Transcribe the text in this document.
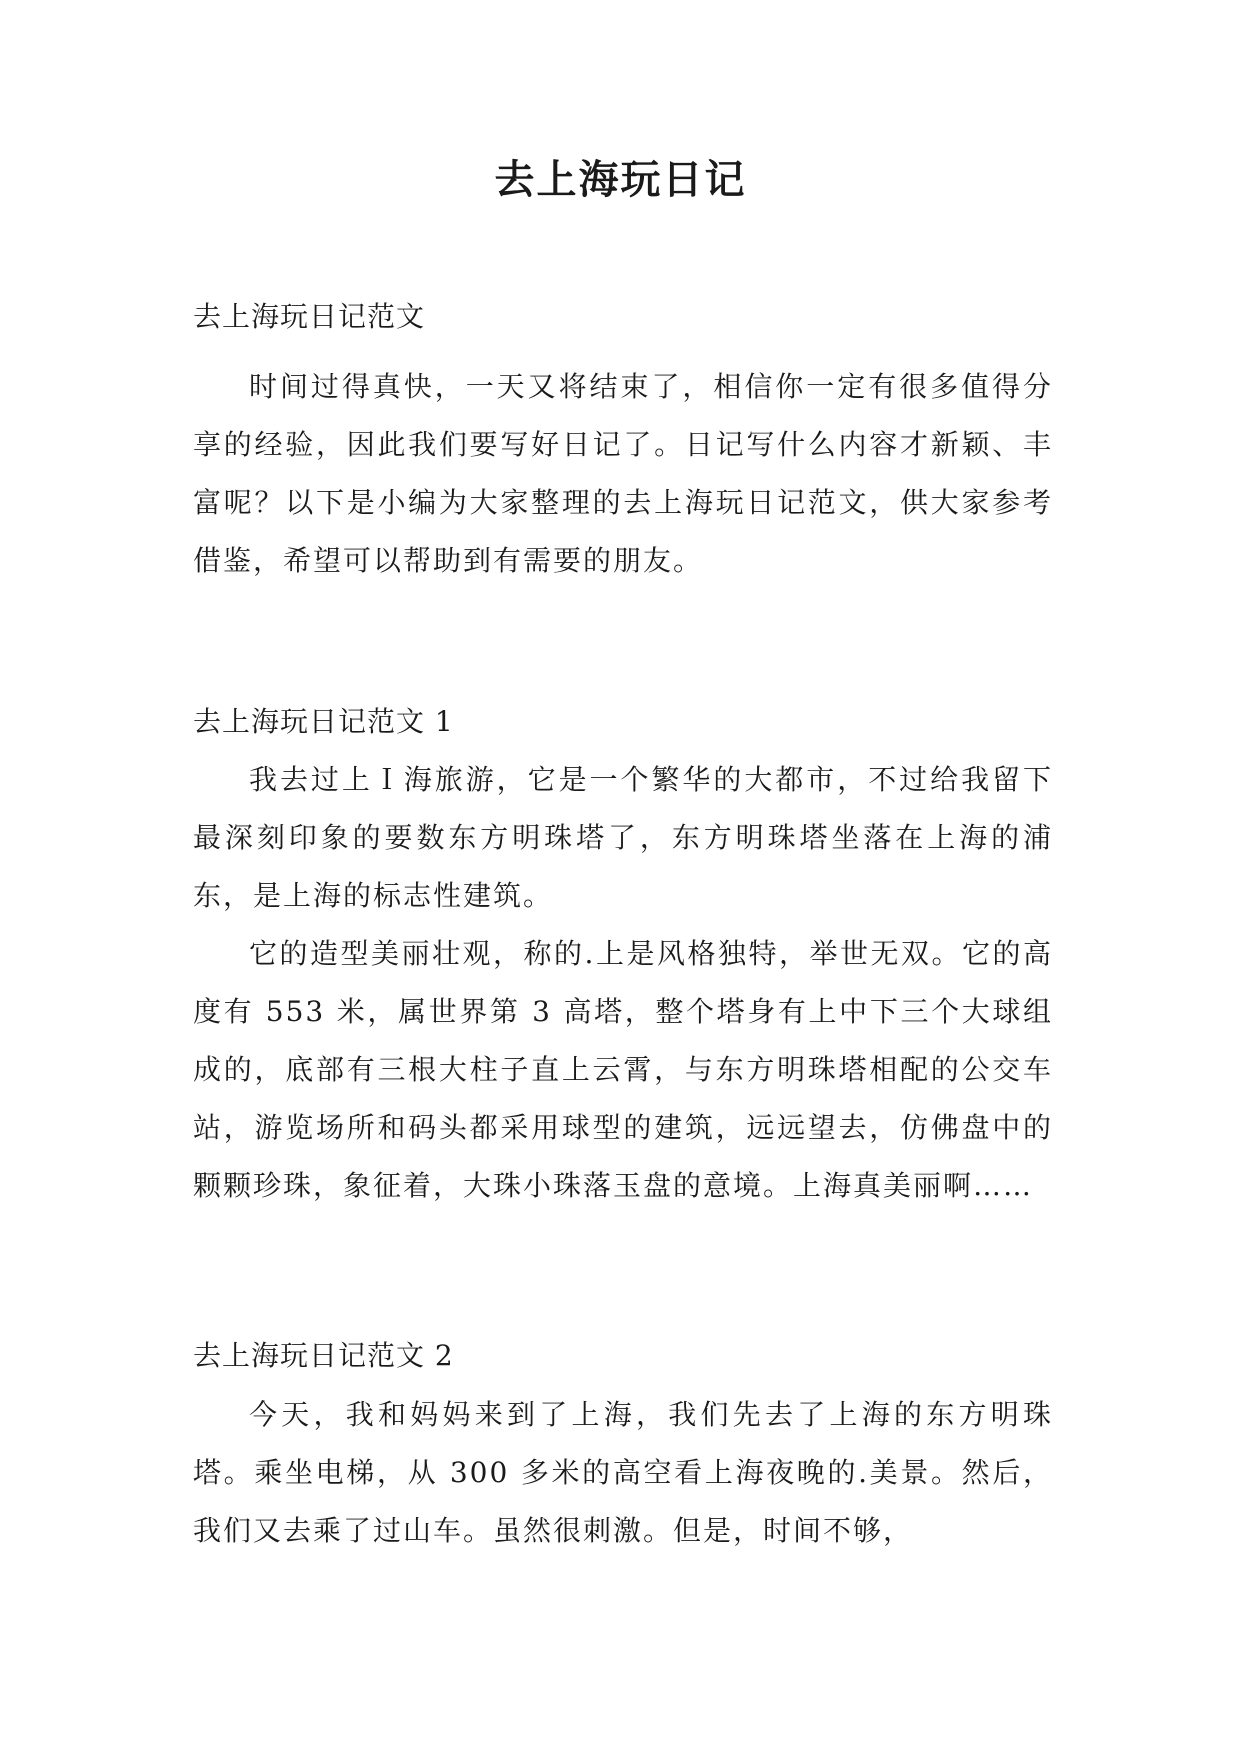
去上海玩日记
去上海玩日记范文

时间过得真快，一天又将结束了，相信你一定有很多值得分享的经验，因此我们要写好日记了。日记写什么内容才新颖、丰富呢？以下是小编为大家整理的去上海玩日记范文，供大家参考借鉴，希望可以帮助到有需要的朋友。

去上海玩日记范文 1

我去过上Ｉ海旅游，它是一个繁华的大都市，不过给我留下最深刻印象的要数东方明珠塔了，东方明珠塔坐落在上海的浦东，是上海的标志性建筑。

它的造型美丽壮观，称的.上是风格独特，举世无双。它的高度有 553 米，属世界第 3 高塔，整个塔身有上中下三个大球组成的，底部有三根大柱子直上云霄，与东方明珠塔相配的公交车站，游览场所和码头都采用球型的建筑，远远望去，仿佛盘中的颗颗珍珠，象征着，大珠小珠落玉盘的意境。上海真美丽啊……

去上海玩日记范文 2

今天，我和妈妈来到了上海，我们先去了上海的东方明珠塔。乘坐电梯，从 300 多米的高空看上海夜晚的.美景。然后，我们又去乘了过山车。虽然很刺激。但是，时间不够，
